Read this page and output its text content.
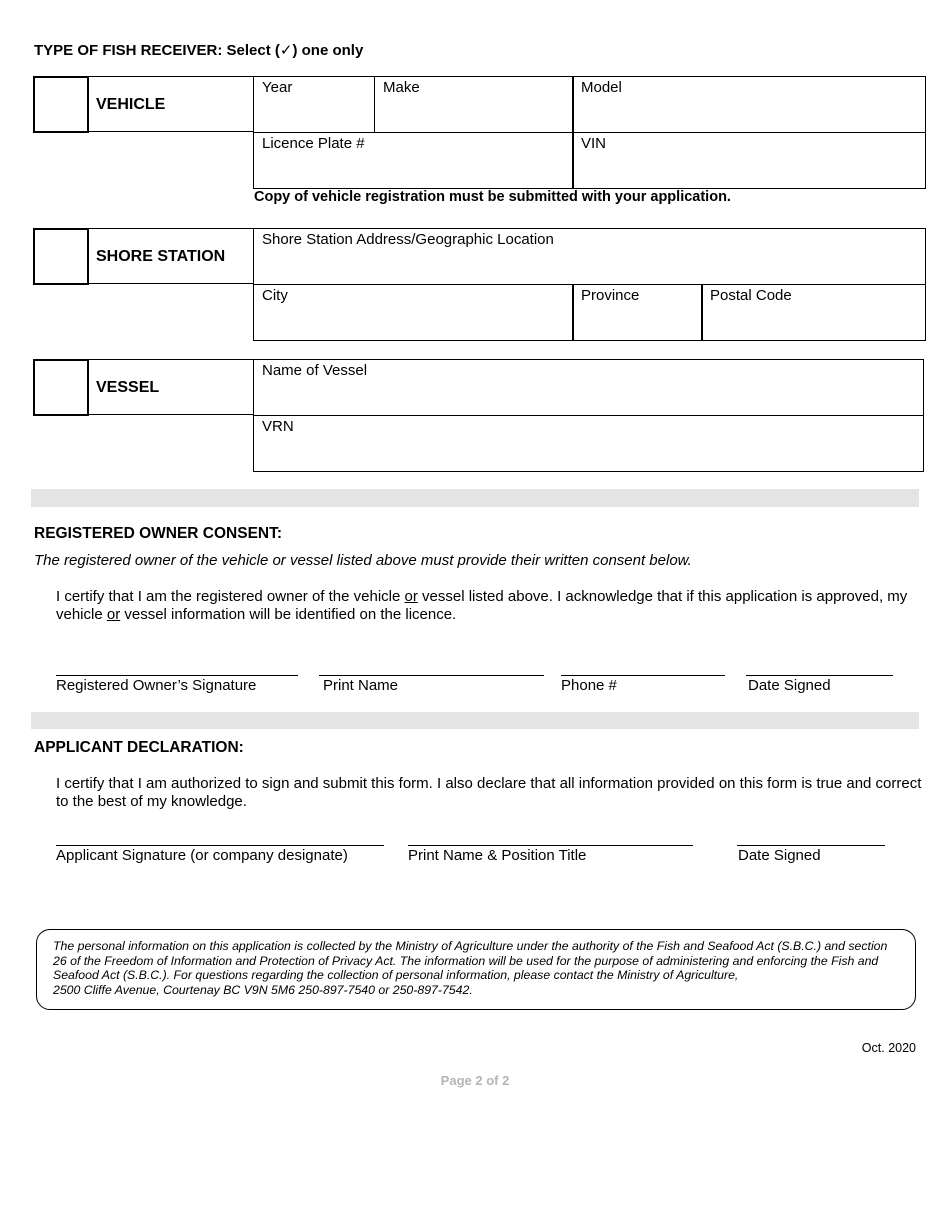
TYPE OF FISH RECEIVER: Select (✓) one only
VEHICLE
Year	Make	Model
Licence Plate #	VIN
Copy of vehicle registration must be submitted with your application.
SHORE STATION
Shore Station Address/Geographic Location
City	Province	Postal Code
VESSEL
Name of Vessel
VRN
REGISTERED OWNER CONSENT:
The registered owner of the vehicle or vessel listed above must provide their written consent below.
I certify that I am the registered owner of the vehicle or vessel listed above. I acknowledge that if this application is approved, my vehicle or vessel information will be identified on the licence.
Registered Owner’s Signature	Print Name	Phone #	Date Signed
APPLICANT DECLARATION:
I certify that I am authorized to sign and submit this form. I also declare that all information provided on this form is true and correct to the best of my knowledge.
Applicant Signature (or company designate)	Print Name & Position Title	Date Signed
The personal information on this application is collected by the Ministry of Agriculture under the authority of the Fish and Seafood Act (S.B.C.) and section 26 of the Freedom of Information and Protection of Privacy Act. The information will be used for the purpose of administering and enforcing the Fish and Seafood Act (S.B.C.). For questions regarding the collection of personal information, please contact the Ministry of Agriculture,
2500 Cliffe Avenue, Courtenay BC V9N 5M6 250-897-7540 or 250-897-7542.
Oct. 2020
Page 2 of 2
